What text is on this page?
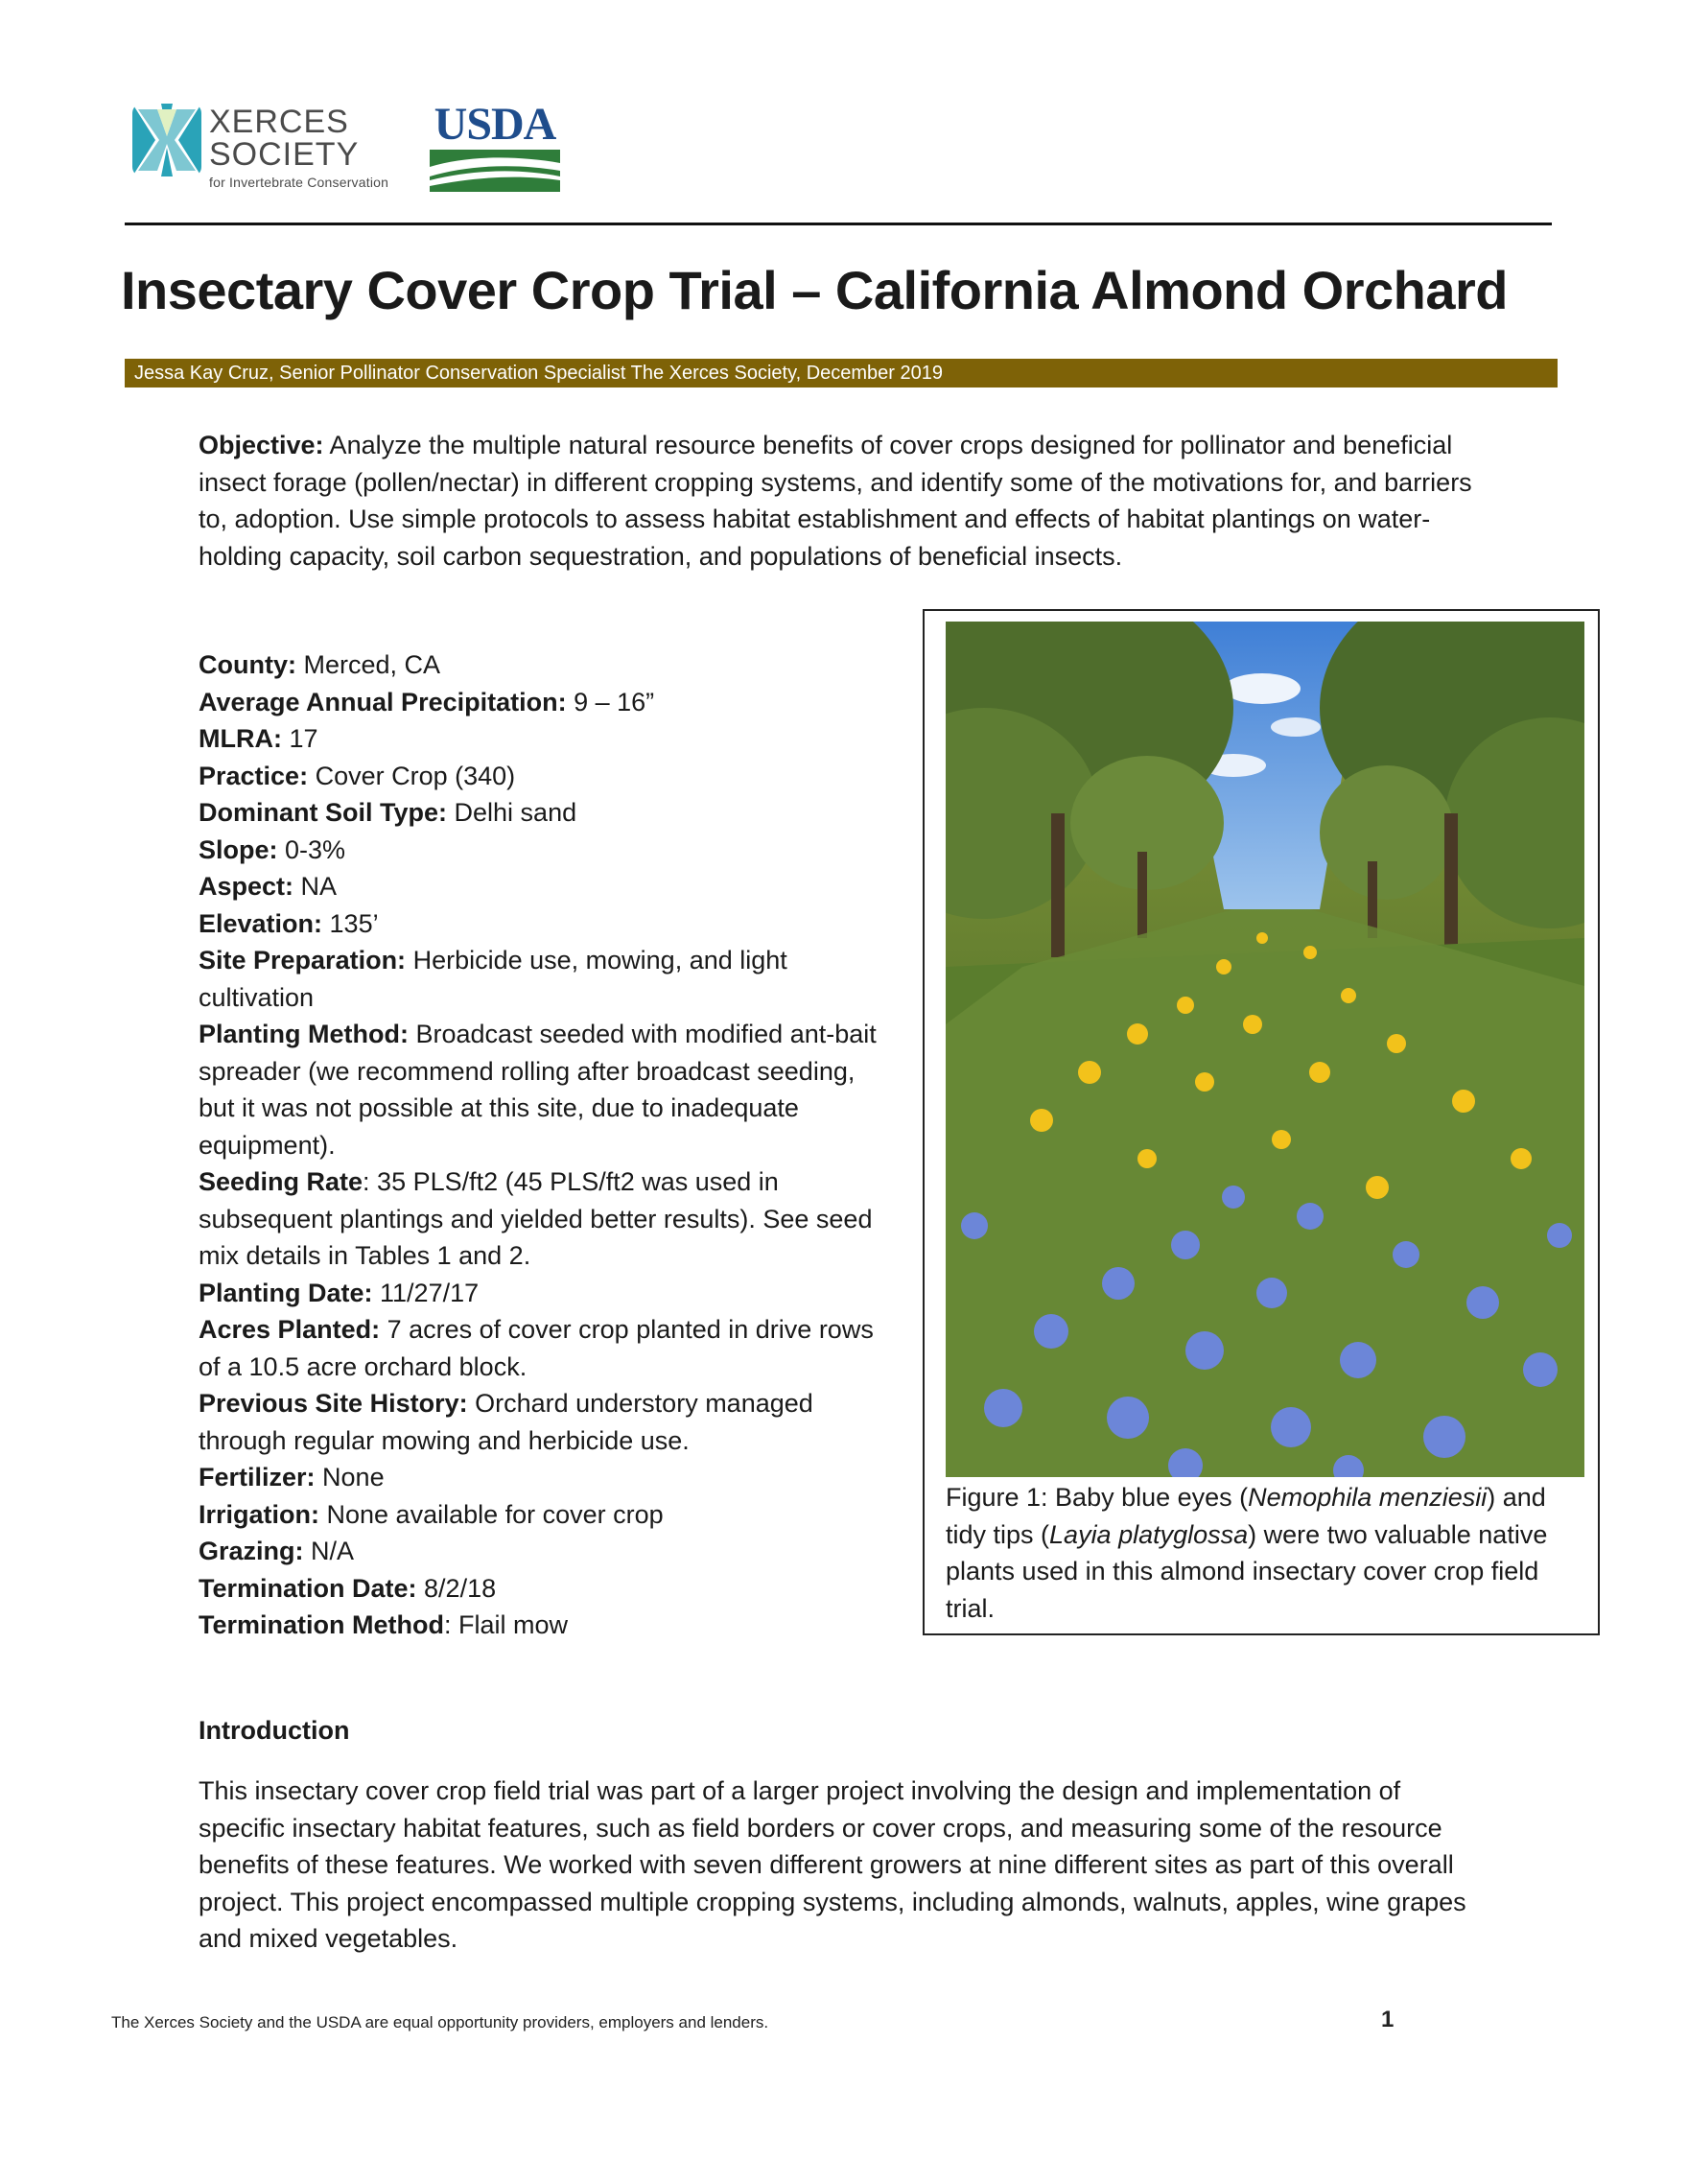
XERCES
SOCIETY
for Invertebrate Conservation
USDA
Insectary Cover Crop Trial – California Almond Orchard
Jessa Kay Cruz, Senior Pollinator Conservation Specialist The Xerces Society, December 2019

Objective: Analyze the multiple natural resource benefits of cover crops designed for pollinator and beneficial insect forage (pollen/nectar) in different cropping systems, and identify some of the motivations for, and barriers to, adoption. Use simple protocols to assess habitat establishment and effects of habitat plantings on water-holding capacity, soil carbon sequestration, and populations of beneficial insects.

County: Merced, CA
Average Annual Precipitation: 9 – 16”
MLRA: 17
Practice: Cover Crop (340)
Dominant Soil Type: Delhi sand
Slope: 0-3%
Aspect: NA
Elevation: 135’
Site Preparation: Herbicide use, mowing, and light cultivation
Planting Method: Broadcast seeded with modified ant-bait spreader (we recommend rolling after broadcast seeding, but it was not possible at this site, due to inadequate equipment).
Seeding Rate: 35 PLS/ft2 (45 PLS/ft2 was used in subsequent plantings and yielded better results). See seed mix details in Tables 1 and 2.
Planting Date: 11/27/17
Acres Planted: 7 acres of cover crop planted in drive rows of a 10.5 acre orchard block.
Previous Site History: Orchard understory managed through regular mowing and herbicide use.
Fertilizer: None
Irrigation: None available for cover crop
Grazing: N/A
Termination Date: 8/2/18
Termination Method: Flail mow

Figure 1: Baby blue eyes (Nemophila menziesii) and tidy tips (Layia platyglossa) were two valuable native plants used in this almond insectary cover crop field trial.

Introduction

This insectary cover crop field trial was part of a larger project involving the design and implementation of specific insectary habitat features, such as field borders or cover crops, and measuring some of the resource benefits of these features. We worked with seven different growers at nine different sites as part of this overall project. This project encompassed multiple cropping systems, including almonds, walnuts, apples, wine grapes and mixed vegetables.

The Xerces Society and the USDA are equal opportunity providers, employers and lenders.	1
